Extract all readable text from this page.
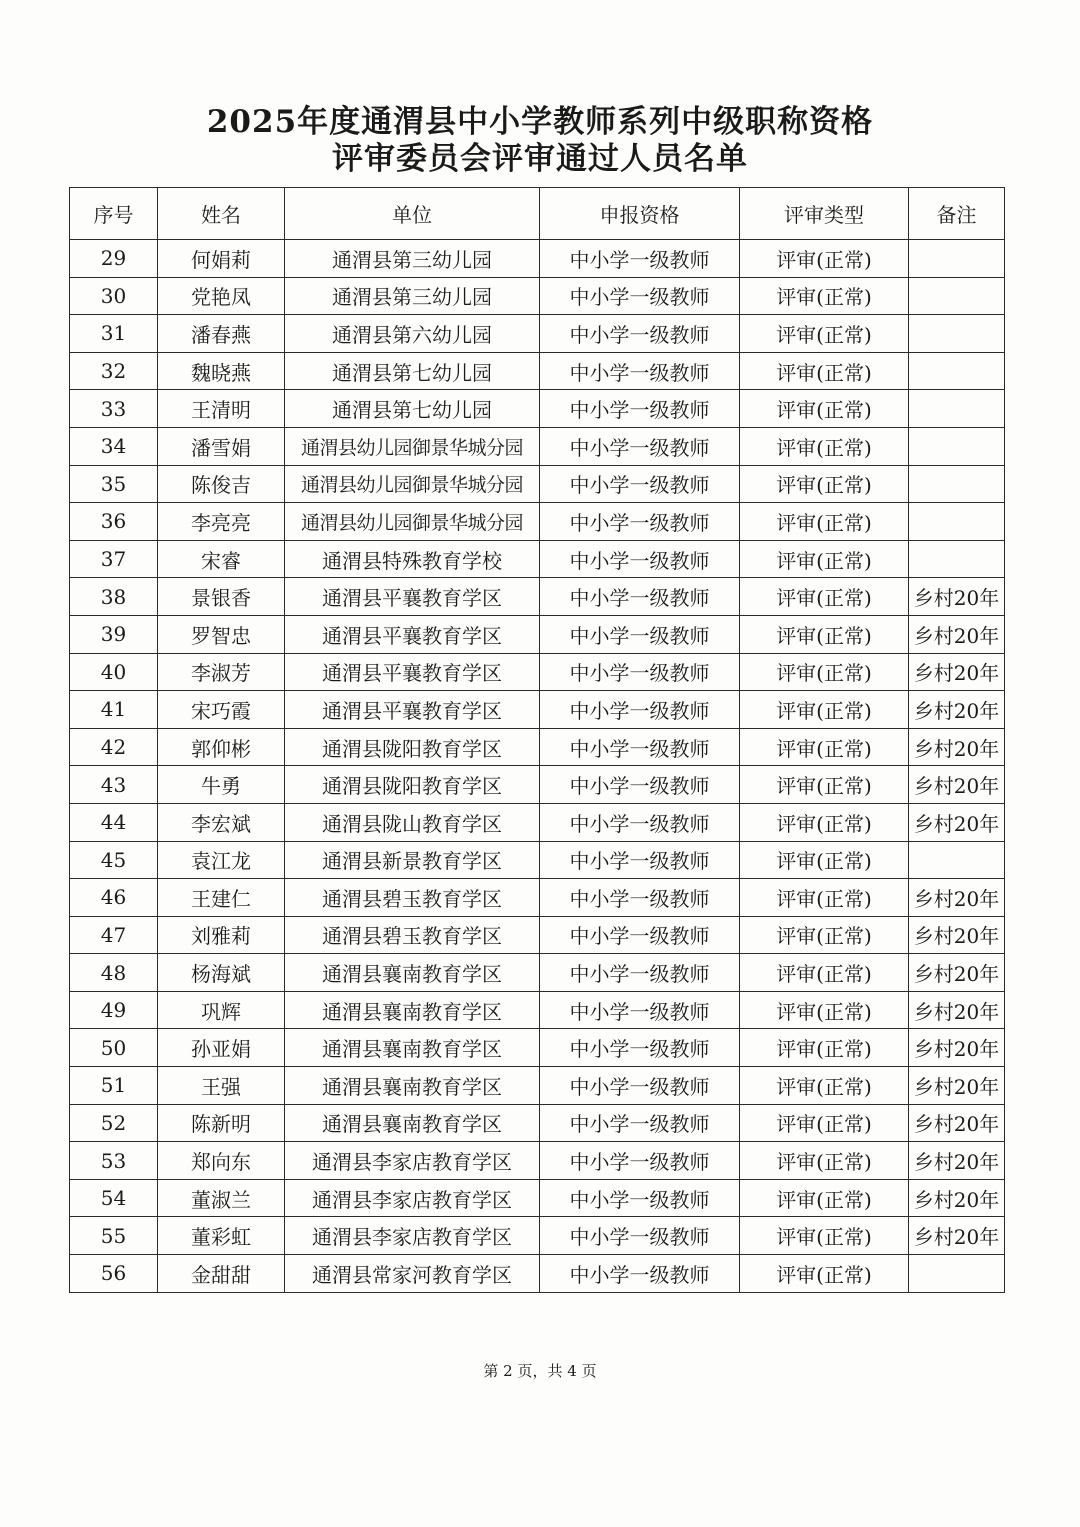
2025年度通渭县中小学教师系列中级职称资格
评审委员会评审通过人员名单
序号	姓名	单位	申报资格	评审类型	备注
29	何娟莉	通渭县第三幼儿园	中小学一级教师	评审(正常)	
30	党艳凤	通渭县第三幼儿园	中小学一级教师	评审(正常)	
31	潘春燕	通渭县第六幼儿园	中小学一级教师	评审(正常)	
32	魏晓燕	通渭县第七幼儿园	中小学一级教师	评审(正常)	
33	王清明	通渭县第七幼儿园	中小学一级教师	评审(正常)	
34	潘雪娟	通渭县幼儿园御景华城分园	中小学一级教师	评审(正常)	
35	陈俊吉	通渭县幼儿园御景华城分园	中小学一级教师	评审(正常)	
36	李亮亮	通渭县幼儿园御景华城分园	中小学一级教师	评审(正常)	
37	宋睿	通渭县特殊教育学校	中小学一级教师	评审(正常)	
38	景银香	通渭县平襄教育学区	中小学一级教师	评审(正常)	乡村20年
39	罗智忠	通渭县平襄教育学区	中小学一级教师	评审(正常)	乡村20年
40	李淑芳	通渭县平襄教育学区	中小学一级教师	评审(正常)	乡村20年
41	宋巧霞	通渭县平襄教育学区	中小学一级教师	评审(正常)	乡村20年
42	郭仰彬	通渭县陇阳教育学区	中小学一级教师	评审(正常)	乡村20年
43	牛勇	通渭县陇阳教育学区	中小学一级教师	评审(正常)	乡村20年
44	李宏斌	通渭县陇山教育学区	中小学一级教师	评审(正常)	乡村20年
45	袁江龙	通渭县新景教育学区	中小学一级教师	评审(正常)	
46	王建仁	通渭县碧玉教育学区	中小学一级教师	评审(正常)	乡村20年
47	刘雅莉	通渭县碧玉教育学区	中小学一级教师	评审(正常)	乡村20年
48	杨海斌	通渭县襄南教育学区	中小学一级教师	评审(正常)	乡村20年
49	巩辉	通渭县襄南教育学区	中小学一级教师	评审(正常)	乡村20年
50	孙亚娟	通渭县襄南教育学区	中小学一级教师	评审(正常)	乡村20年
51	王强	通渭县襄南教育学区	中小学一级教师	评审(正常)	乡村20年
52	陈新明	通渭县襄南教育学区	中小学一级教师	评审(正常)	乡村20年
53	郑向东	通渭县李家店教育学区	中小学一级教师	评审(正常)	乡村20年
54	董淑兰	通渭县李家店教育学区	中小学一级教师	评审(正常)	乡村20年
55	董彩虹	通渭县李家店教育学区	中小学一级教师	评审(正常)	乡村20年
56	金甜甜	通渭县常家河教育学区	中小学一级教师	评审(正常)	
第 2 页，共 4 页
